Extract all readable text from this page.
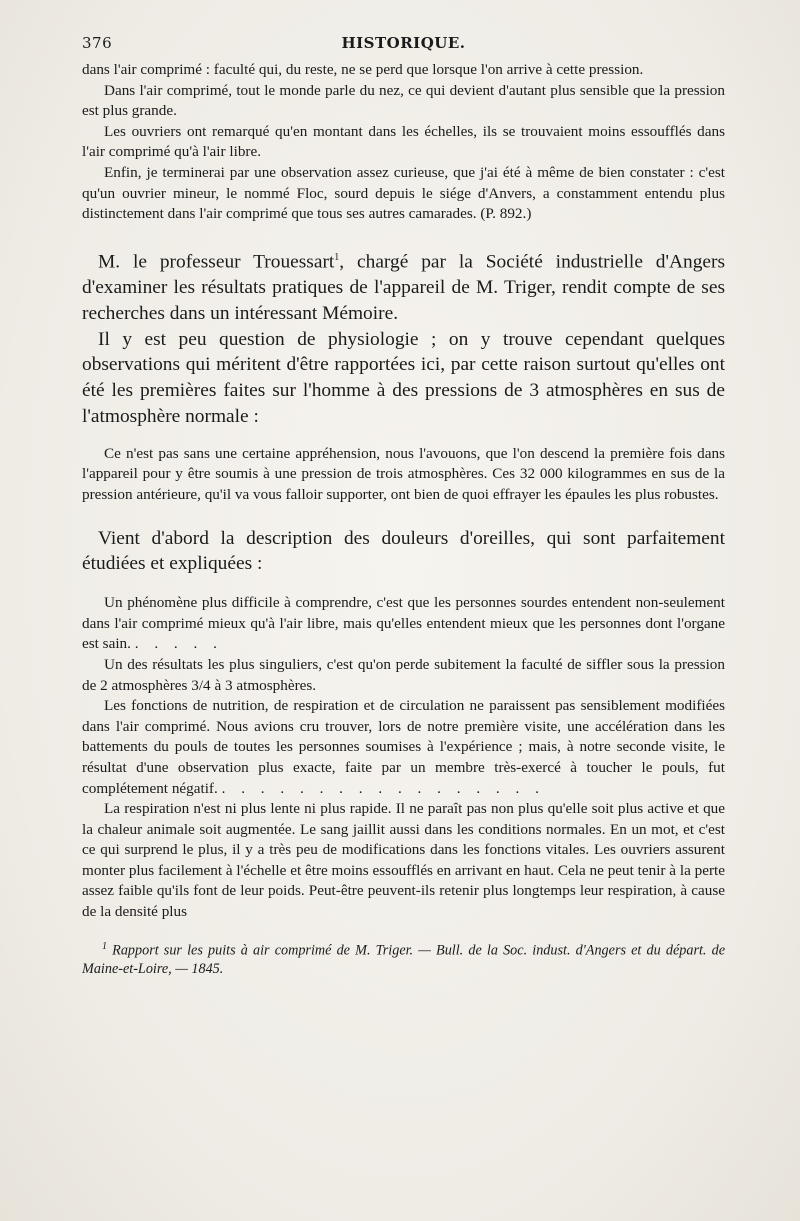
376	HISTORIQUE.

dans l'air comprimé : faculté qui, du reste, ne se perd que lorsque l'on arrive à cette pression.

Dans l'air comprimé, tout le monde parle du nez, ce qui devient d'autant plus sensible que la pression est plus grande.

Les ouvriers ont remarqué qu'en montant dans les échelles, ils se trouvaient moins essoufflés dans l'air comprimé qu'à l'air libre.

Enfin, je terminerai par une observation assez curieuse, que j'ai été à même de bien constater : c'est qu'un ouvrier mineur, le nommé Floc, sourd depuis le siége d'Anvers, a constamment entendu plus distinctement dans l'air comprimé que tous ses autres camarades. (P. 892.)

M. le professeur Trouessart$^1$, chargé par la Société industrielle d'Angers d'examiner les résultats pratiques de l'appareil de M. Triger, rendit compte de ses recherches dans un intéressant Mémoire.

Il y est peu question de physiologie ; on y trouve cependant quelques observations qui méritent d'être rapportées ici, par cette raison surtout qu'elles ont été les premières faites sur l'homme à des pressions de 3 atmosphères en sus de l'atmosphère normale :

Ce n'est pas sans une certaine appréhension, nous l'avouons, que l'on descend la première fois dans l'appareil pour y être soumis à une pression de trois atmosphères. Ces 32 000 kilogrammes en sus de la pression antérieure, qu'il va vous falloir supporter, ont bien de quoi effrayer les épaules les plus robustes.

Vient d'abord la description des douleurs d'oreilles, qui sont parfaitement étudiées et expliquées :

Un phénomène plus difficile à comprendre, c'est que les personnes sourdes entendent non-seulement dans l'air comprimé mieux qu'à l'air libre, mais qu'elles entendent mieux que les personnes dont l'organe est sain. . . . . .

Un des résultats les plus singuliers, c'est qu'on perde subitement la faculté de siffler sous la pression de 2 atmosphères 3/4 à 3 atmosphères.

Les fonctions de nutrition, de respiration et de circulation ne paraissent pas sensiblement modifiées dans l'air comprimé. Nous avions cru trouver, lors de notre première visite, une accélération dans les battements du pouls de toutes les personnes soumises à l'expérience ; mais, à notre seconde visite, le résultat d'une observation plus exacte, faite par un membre très-exercé à toucher le pouls, fut complétement négatif. . . . . . . . . . . . . . . . . .

La respiration n'est ni plus lente ni plus rapide. Il ne paraît pas non plus qu'elle soit plus active et que la chaleur animale soit augmentée. Le sang jaillit aussi dans les conditions normales. En un mot, et c'est ce qui surprend le plus, il y a très peu de modifications dans les fonctions vitales. Les ouvriers assurent monter plus facilement à l'échelle et être moins essoufflés en arrivant en haut. Cela ne peut tenir à la perte assez faible qu'ils font de leur poids. Peut-être peuvent-ils retenir plus longtemps leur respiration, à cause de la densité plus

$^1$ Rapport sur les puits à air comprimé de M. Triger. — Bull. de la Soc. indust. d'Angers et du départ. de Maine-et-Loire, — 1845.
